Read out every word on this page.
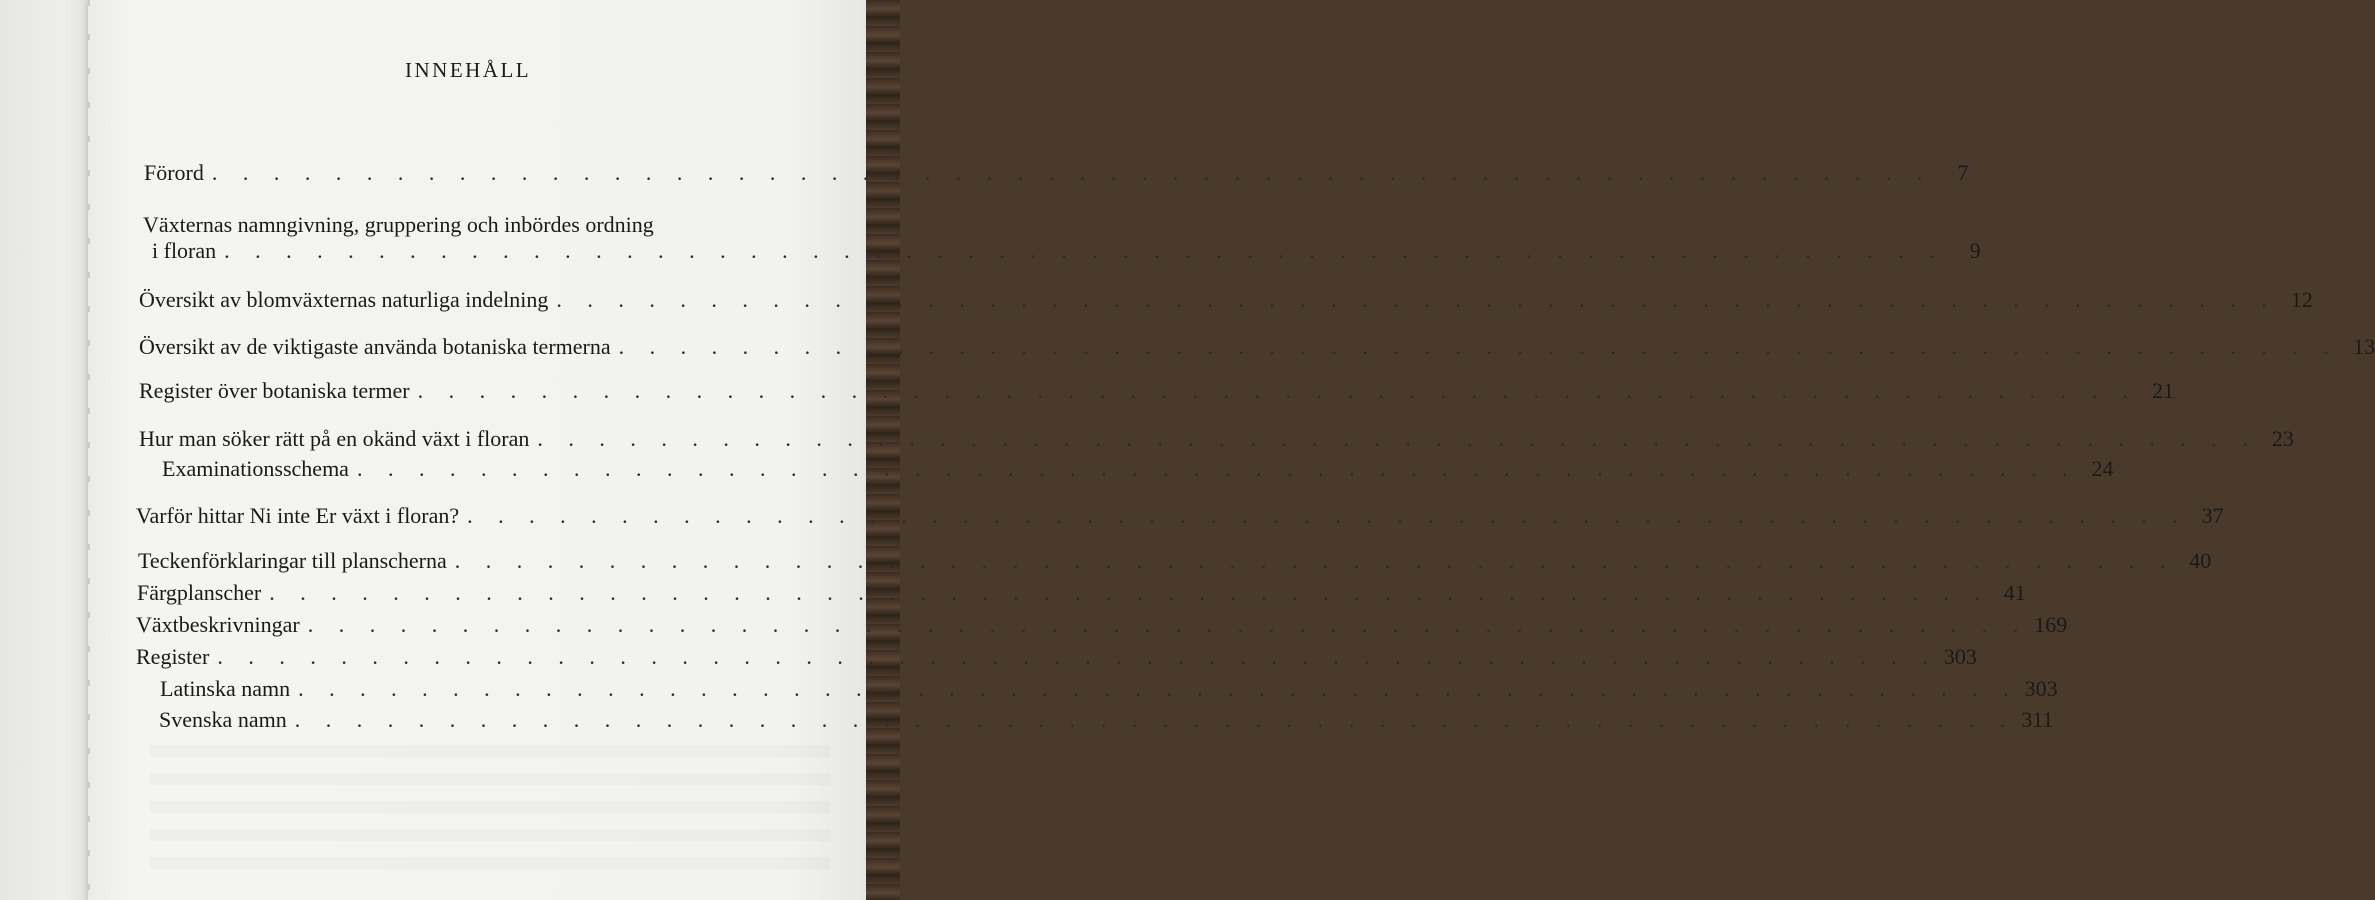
INNEHÅLL
Förord . . . . . . . . . . . . . . . . . . . . . . . . . . . . . . . . . . . . . . . . . . . . . . . . . . . . . . . .	7
Växternas namngivning, gruppering och inbördes ordning
i floran . . . . . . . . . . . . . . . . . . . . . . . . . . . . . . . . . . . . . . . . . . . . . . . . . . . . . . . .	9
Översikt av blomväxternas naturliga indelning . . . . . . . . . . . . . . . . . . . . . . . . . . . . . . . . . . . . . . . . . . . . . . . . . . . . . . . . 12
Översikt av de viktigaste använda botaniska termerna . . . . . . . . . . . . . . . . . . . . . . . . . . . . . . . . . . . . . . . . . . . . . . . . . . . . . . . . 13
Register över botaniska termer . . . . . . . . . . . . . . . . . . . . . . . . . . . . . . . . . . . . . . . . . . . . . . . . . . . . . . . . 21
Hur man söker rätt på en okänd växt i floran . . . . . . . . . . . . . . . . . . . . . . . . . . . . . . . . . . . . . . . . . . . . . . . . . . . . . . . . 23
Examinationsschema . . . . . . . . . . . . . . . . . . . . . . . . . . . . . . . . . . . . . . . . . . . . . . . . . . . . . . . . 24
Varför hittar Ni inte Er växt i floran? . . . . . . . . . . . . . . . . . . . . . . . . . . . . . . . . . . . . . . . . . . . . . . . . . . . . . . . . 37
Teckenförklaringar till planscherna . . . . . . . . . . . . . . . . . . . . . . . . . . . . . . . . . . . . . . . . . . . . . . . . . . . . . . . . 40
Färgplanscher . . . . . . . . . . . . . . . . . . . . . . . . . . . . . . . . . . . . . . . . . . . . . . . . . . . . . . . . 41
Växtbeskrivningar . . . . . . . . . . . . . . . . . . . . . . . . . . . . . . . . . . . . . . . . . . . . . . . . . . . . . . . . 169
Register . . . . . . . . . . . . . . . . . . . . . . . . . . . . . . . . . . . . . . . . . . . . . . . . . . . . . . . . 303
Latinska namn . . . . . . . . . . . . . . . . . . . . . . . . . . . . . . . . . . . . . . . . . . . . . . . . . . . . . . . . 303
Svenska namn . . . . . . . . . . . . . . . . . . . . . . . . . . . . . . . . . . . . . . . . . . . . . . . . . . . . . . . . 311
